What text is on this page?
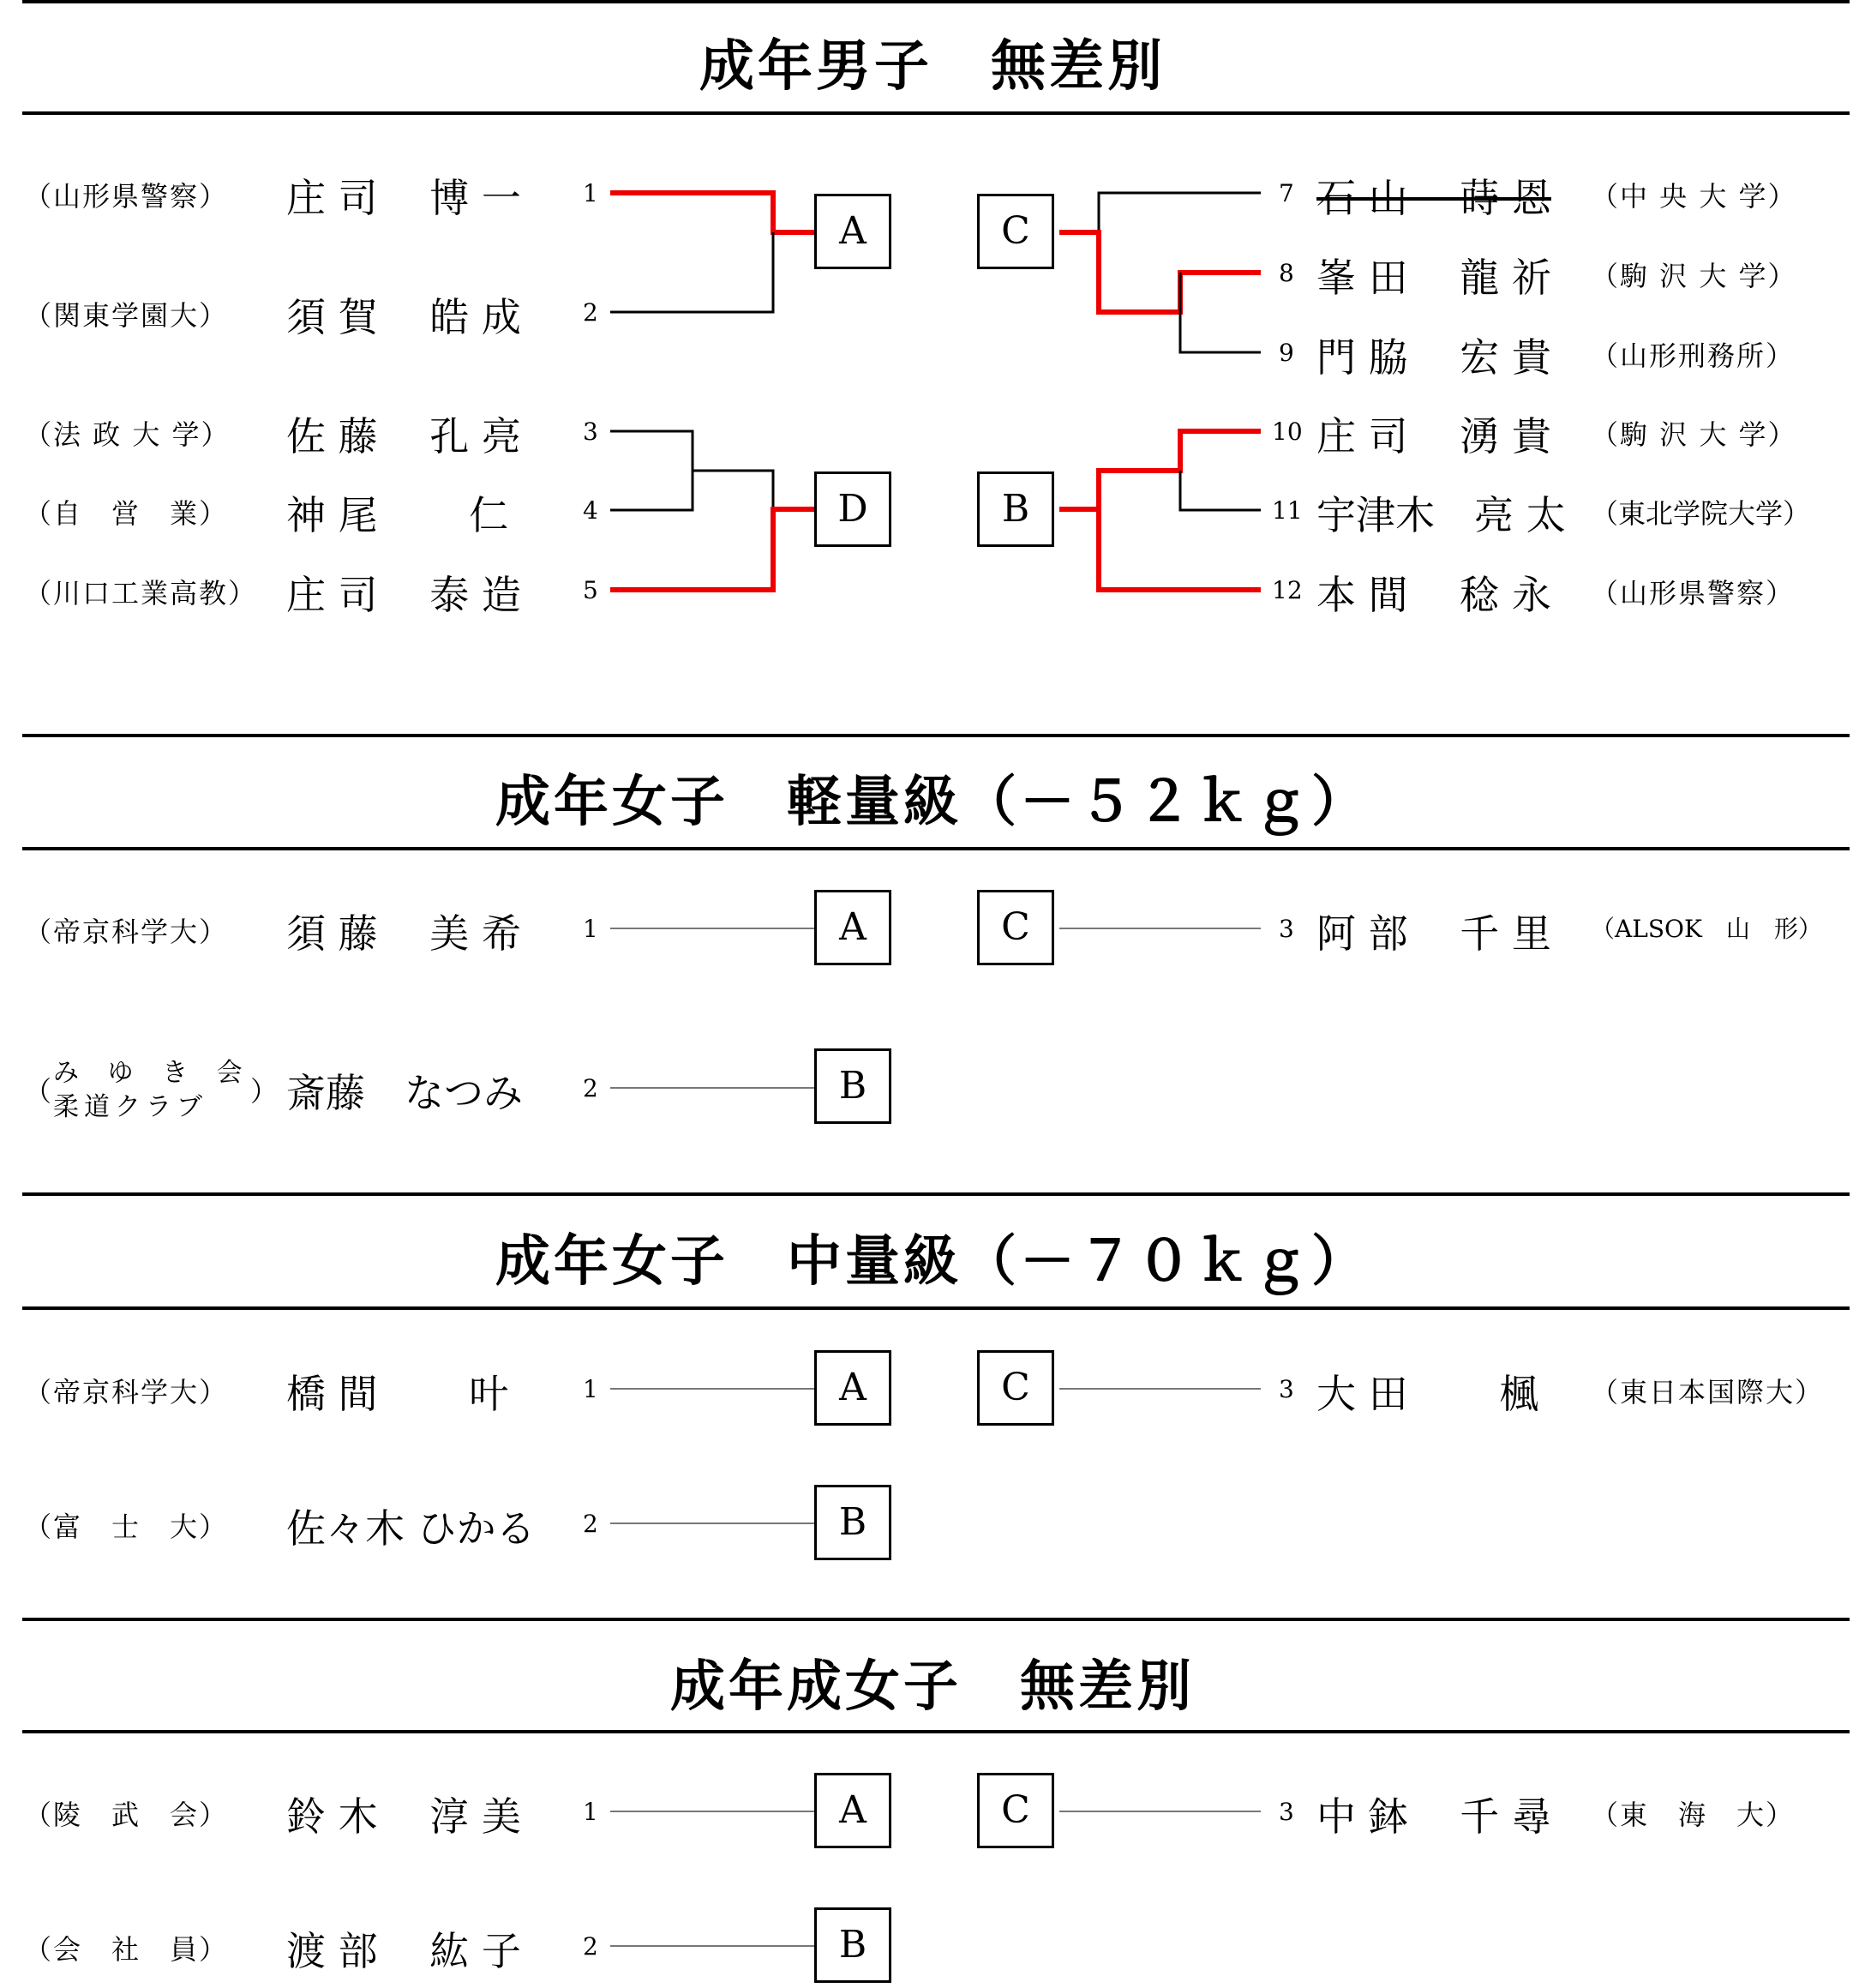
成年男子　無差別
A	C
D	B
（山形県警察） 庄 司　 博 一	1
（関東学園大） 須 賀　 皓 成	2
（法 政 大 学） 佐 藤　 孔 亮	3
（自　営　業） 神 尾　　 仁	4
（川口工業高教） 庄 司　 泰 造	5
7 石 山　 蒔 恩 （中 央 大 学）
8 峯 田　 龍 祈 （駒 沢 大 学）
9 門 脇　 宏 貴 （山形刑務所）
10 庄 司　 湧 貴 （駒 沢 大 学）
11 宇津木　亮 太 （東北学院大学）
12 本 間　 稔 永 （山形県警察）
成年女子　軽量級（－５２ｋｇ）
A	C
B
（帝京科学大） 須 藤　 美 希	1
（
み ゆ き 会
柔道クラブ ） 斎藤　なつみ	2
3 阿 部　 千 里 （ALSOK　山　形）
成年女子　中量級（－７０ｋｇ）
A	C
B
（帝京科学大） 橋 間　　 叶	1
（富　士　大） 佐々木 ひかる 2
3 大 田　　 楓 （東日本国際大）
成年成女子　無差別
A	C
B
（陵　武　会） 鈴 木　 淳 美	1
（会　社　員） 渡 部　 紘 子	2
3 中 鉢　 千 尋 （東　海　大）
